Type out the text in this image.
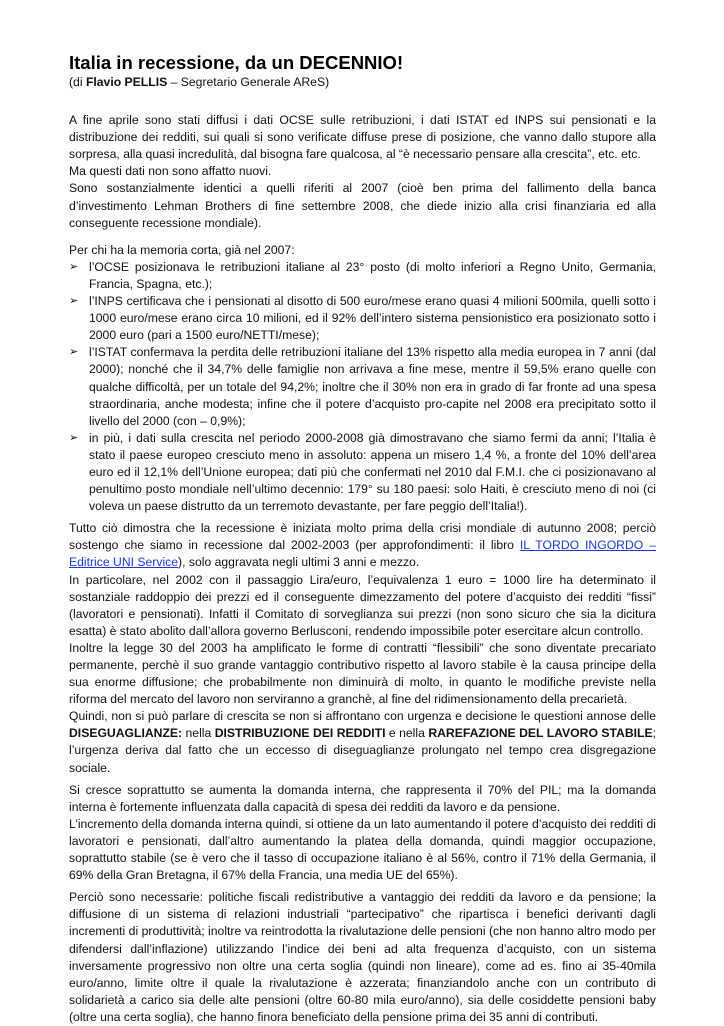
Italia in recessione, da un DECENNIO!

(di Flavio PELLIS – Segretario Generale AReS)

A fine aprile sono stati diffusi i dati OCSE sulle retribuzioni, i dati ISTAT ed INPS sui pensionati e la distribuzione dei redditi, sui quali si sono verificate diffuse prese di posizione, che vanno dallo stupore alla sorpresa, alla quasi incredulità, dal bisogna fare qualcosa, al “è necessario pensare alla crescita”, etc. etc.

Ma questi dati non sono affatto nuovi.

Sono sostanzialmente identici a quelli riferiti al 2007 (cioè ben prima del fallimento della banca d’investimento Lehman Brothers di fine settembre 2008, che diede inizio alla crisi finanziaria ed alla conseguente recessione mondiale).

Per chi ha la memoria corta, già nel 2007:

➢ l’OCSE posizionava le retribuzioni italiane al 23° posto (di molto inferiori a Regno Unito, Germania, Francia, Spagna, etc.);
➢ l’INPS certificava che i pensionati al disotto di 500 euro/mese erano quasi 4 milioni 500mila, quelli sotto i 1000 euro/mese erano circa 10 milioni, ed il 92% dell’intero sistema pensionistico era posizionato sotto i 2000 euro (pari a 1500 euro/NETTI/mese);
➢ l’ISTAT confermava la perdita delle retribuzioni italiane del 13% rispetto alla media europea in 7 anni (dal 2000); nonché che il 34,7% delle famiglie non arrivava a fine mese, mentre il 59,5% erano quelle con qualche difficoltà, per un totale del 94,2%; inoltre che il 30% non era in grado di far fronte ad una spesa straordinaria, anche modesta; infine che il potere d’acquisto pro-capite nel 2008 era precipitato sotto il livello del 2000 (con – 0,9%);
➢ in più, i dati sulla crescita nel periodo 2000-2008 già dimostravano che siamo fermi da anni; l’Italia è stato il paese europeo cresciuto meno in assoluto: appena un misero 1,4 %, a fronte del 10% dell’area euro ed il 12,1% dell’Unione europea; dati più che confermati nel 2010 dal F.M.I. che ci posizionavano al penultimo posto mondiale nell’ultimo decennio: 179° su 180 paesi: solo Haiti, è cresciuto meno di noi (ci voleva un paese distrutto da un terremoto devastante, per fare peggio dell’Italia!).

Tutto ciò dimostra che la recessione è iniziata molto prima della crisi mondiale di autunno 2008; perciò sostengo che siamo in recessione dal 2002-2003 (per approfondimenti: il libro IL TORDO INGORDO – Editrice UNI Service), solo aggravata negli ultimi 3 anni e mezzo.

In particolare, nel 2002 con il passaggio Lira/euro, l’equivalenza 1 euro = 1000 lire ha determinato il sostanziale raddoppio dei prezzi ed il conseguente dimezzamento del potere d’acquisto dei redditi “fissi” (lavoratori e pensionati). Infatti il Comitato di sorveglianza sui prezzi (non sono sicuro che sia la dicitura esatta) è stato abolito dall’allora governo Berlusconi, rendendo impossibile poter esercitare alcun controllo.

Inoltre la legge 30 del 2003 ha amplificato le forme di contratti “flessibili” che sono diventate precariato permanente, perchè il suo grande vantaggio contributivo rispetto al lavoro stabile è la causa principe della sua enorme diffusione; che probabilmente non diminuirà di molto, in quanto le modifiche previste nella riforma del mercato del lavoro non serviranno a granchè, al fine del ridimensionamento della precarietà.

Quindi, non si può parlare di crescita se non si affrontano con urgenza e decisione le questioni annose delle DISEGUAGLIANZE: nella DISTRIBUZIONE DEI REDDITI e nella RAREFAZIONE DEL LAVORO STABILE; l’urgenza deriva dal fatto che un eccesso di diseguaglianze prolungato nel tempo crea disgregazione sociale.

Si cresce soprattutto se aumenta la domanda interna, che rappresenta il 70% del PIL; ma la domanda interna è fortemente influenzata dalla capacità di spesa dei redditi da lavoro e da pensione.

L’incremento della domanda interna quindi, si ottiene da un lato aumentando il potere d’acquisto dei redditi di lavoratori e pensionati, dall’altro aumentando la platea della domanda, quindi maggior occupazione, soprattutto stabile (se è vero che il tasso di occupazione italiano è al 56%, contro il 71% della Germania, il 69% della Gran Bretagna, il 67% della Francia, una media UE del 65%).

Perciò sono necessarie: politiche fiscali redistributive a vantaggio dei redditi da lavoro e da pensione; la diffusione di un sistema di relazioni industriali “partecipativo” che ripartisca i benefici derivanti dagli incrementi di produttività; inoltre va reintrodotta la rivalutazione delle pensioni (che non hanno altro modo per difendersi dall’inflazione) utilizzando l’indice dei beni ad alta frequenza d’acquisto, con un sistema inversamente progressivo non oltre una certa soglia (quindi non lineare), come ad es. fino ai 35-40mila euro/anno, limite oltre il quale la rivalutazione è azzerata; finanziandolo anche con un contributo di solidarietà a carico sia delle alte pensioni (oltre 60-80 mila euro/anno), sia delle cosiddette pensioni baby (oltre una certa soglia), che hanno finora beneficiato della pensione prima dei 35 anni di contributi.
